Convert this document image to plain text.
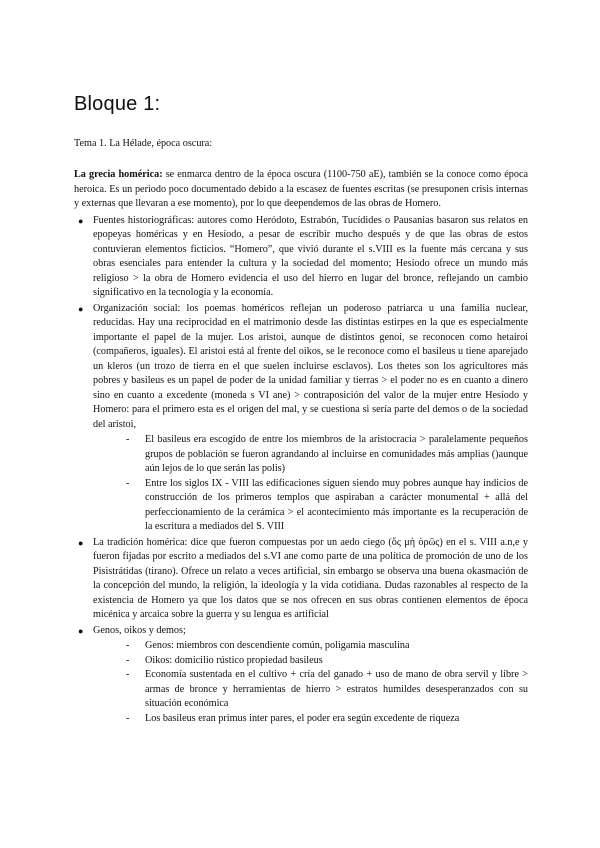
Bloque 1:

Tema 1. La Hélade, época oscura:

La grecia homérica: se enmarca dentro de la época oscura (1100-750 aE), también se la conoce como época heroica. Es un periodo poco documentado debido a la escasez de fuentes escritas (se presuponen crisis internas y externas que llevaran a ese momento), por lo que deependemos de las obras de Homero.

● Fuentes historiográficas: autores como Heródoto, Estrabón, Tucídides o Pausanias basaron sus relatos en epopeyas homéricas y en Hesíodo, a pesar de escribir mucho después y de que las obras de estos contuvieran elementos ficticios. “Homero”, que vivió durante el s.VIII es la fuente más cercana y sus obras esenciales para entender la cultura y la sociedad del momento; Hesíodo ofrece un mundo más religioso > la obra de Homero evidencia el uso del hierro en lugar del bronce, reflejando un cambio significativo en la tecnología y la economía.
● Organización social: los poemas homéricos reflejan un poderoso patriarca u una familia nuclear, reducidas. Hay una reciprocidad en el matrimonio desde las distintas estirpes en la que es especialmente importante el papel de la mujer. Los aristoi, aunque de distintos genoi, se reconocen como hetairoi (compañeros, iguales). El aristoi está al frente del oikos, se le reconoce como el basileus u tiene aparejado un kleros (un trozo de tierra en el que suelen incluirse esclavos). Los thetes son los agricultores más pobres y basileus es un papel de poder de la unidad familiar y tierras > el poder no es en cuanto a dinero sino en cuanto a excedente (moneda s VI ane) > contraposición del valor de la mujer entre Hesíodo y Homero: para el primero esta es el origen del mal, y se cuestiona si sería parte del demos o de la sociedad del aristoi,
- El basileus era escogido de entre los miembros de la aristocracia > paralelamente pequeños grupos de población se fueron agrandando al incluirse en comunidades más amplias ()aunque aún lejos de lo que serán las polis)
- Entre los siglos IX - VIII las edificaciones siguen siendo muy pobres aunque hay indicios de construcción de los primeros templos que aspiraban a carácter monumental + allá del perfeccionamiento de la cerámica > el acontecimiento más importante es la recuperación de la escritura a mediados del S. VIII
● La tradición homérica: dice que fueron compuestas por un aedo ciego (ὅς μὴ ὁρῶς) en el s. VIII a.n,e y fueron fijadas por escrito a mediados del s.VI ane como parte de una política de promoción de uno de los Pisistrátidas (tirano). Ofrece un relato a veces artificial, sin embargo se observa una buena okasmación de la concepción del mundo, la religión, la ideología y la vida cotidiana. Dudas razonables al respecto de la existencia de Homero ya que los datos que se nos ofrecen en sus obras contienen elementos de época micénica y arcaica sobre la guerra y su lengua es artificial
● Genos, oikos y demos;
- Genos: miembros con descendiente común, poligamia masculina
- Oikos: domicilio rústico propiedad basileus
- Economía sustentada en el cultivo + cría del ganado + uso de mano de obra servil y libre > armas de bronce y herramientas de hierro > estratos humildes desesperanzados con su situación económica
- Los basileus eran primus inter pares, el poder era según excedente de riqueza
